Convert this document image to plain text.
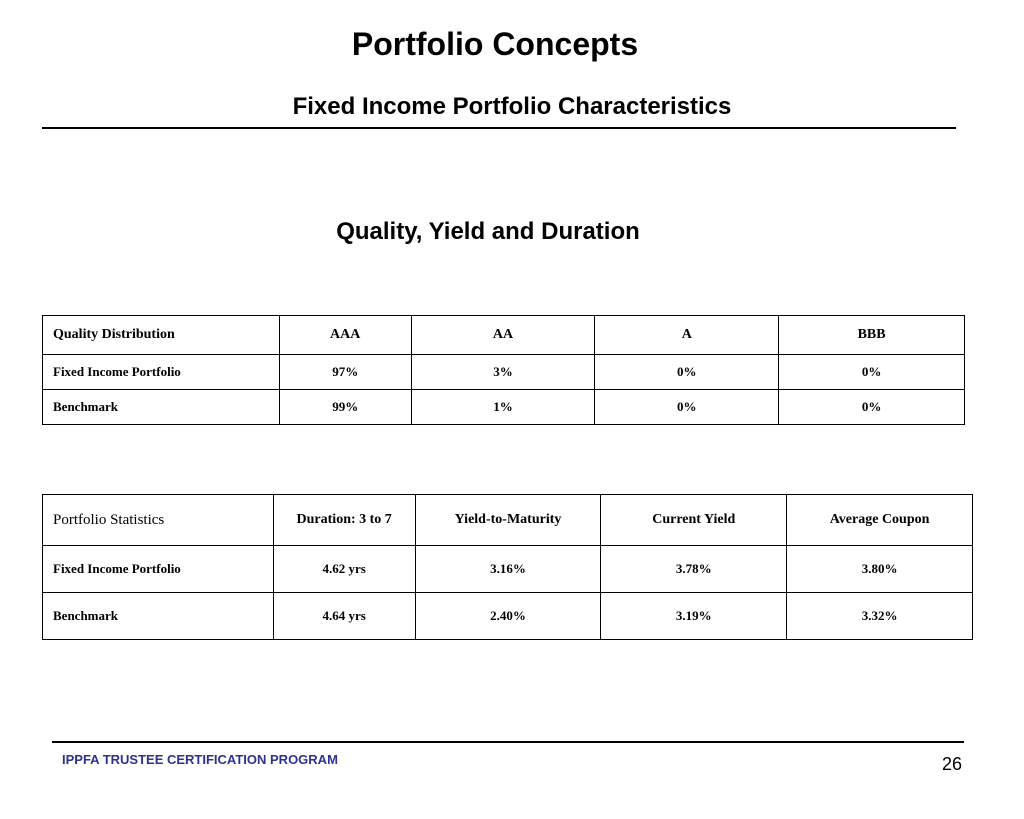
Portfolio Concepts
Fixed Income Portfolio Characteristics
Quality, Yield and Duration
Quality Distribution	AAA	AA	A	BBB
Fixed Income Portfolio	97%	3%	0%	0%
Benchmark	99%	1%	0%	0%
Portfolio Statistics	Duration: 3 to 7	Yield-to-Maturity	Current Yield	Average Coupon
Fixed Income Portfolio	4.62 yrs	3.16%	3.78%	3.80%
Benchmark	4.64 yrs	2.40%	3.19%	3.32%
IPPFA TRUSTEE CERTIFICATION PROGRAM	26
